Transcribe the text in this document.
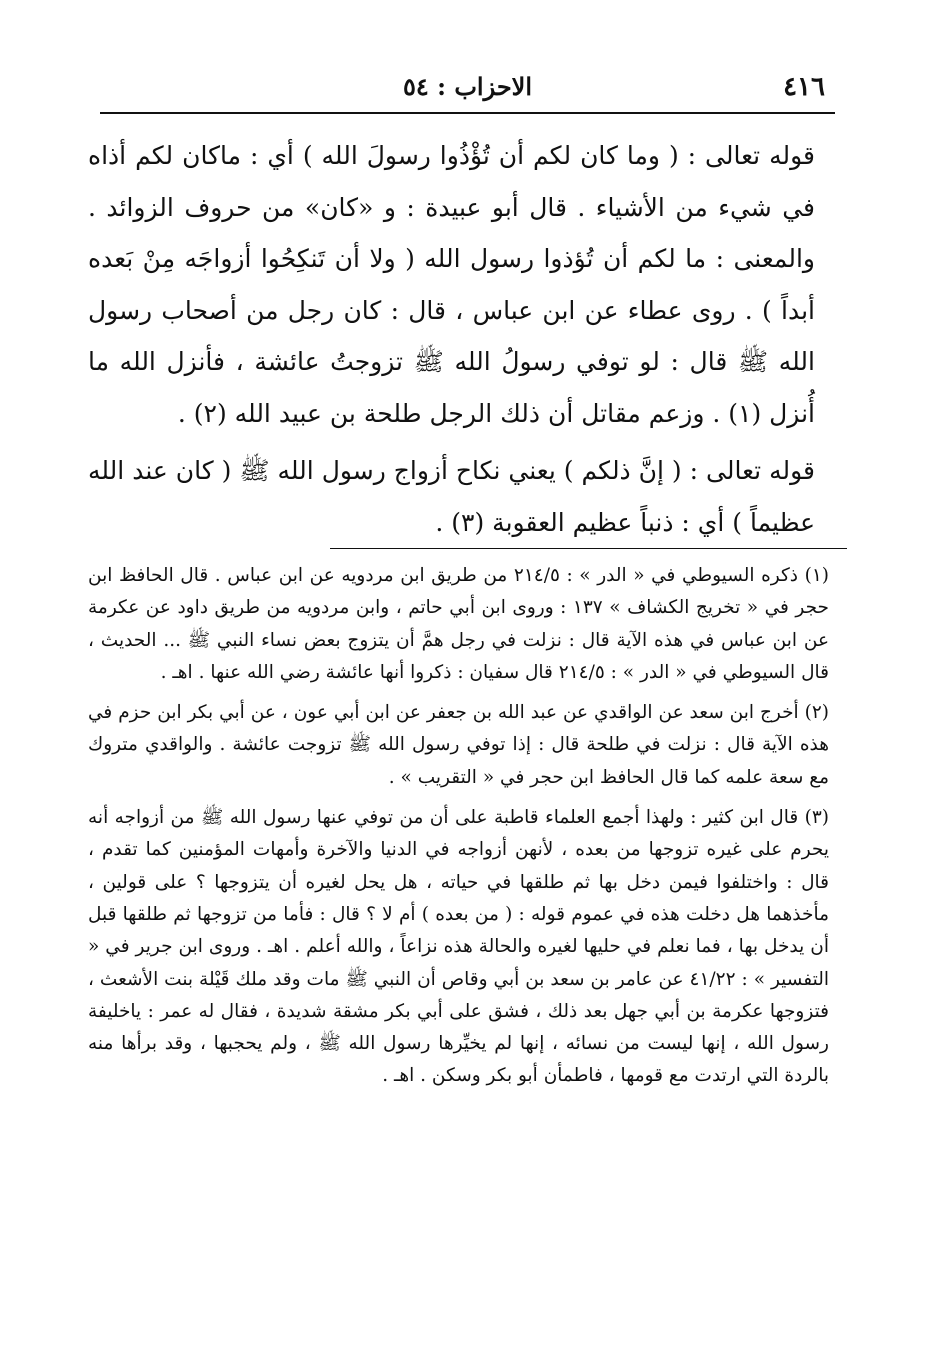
٤١٦
الاحزاب : ٥٤

قوله تعالى : ( وما كان لكم أن تُؤْذُوا رسولَ الله ) أي : ماكان لكم أذاه في شيء من الأشياء . قال أبو عبيدة : و «كان» من حروف الزوائد . والمعنى : ما لكم أن تُؤذوا رسول الله ( ولا أن تَنكِحُوا أزواجَه مِنْ بَعده أبداً ) . روى عطاء عن ابن عباس ، قال : كان رجل من أصحاب رسول الله ﷺ قال : لو توفي رسولُ الله ﷺ تزوجتُ عائشة ، فأنزل الله ما أُنزل (١) . وزعم مقاتل أن ذلك الرجل طلحة بن عبيد الله (٢) .

قوله تعالى : ( إنَّ ذلكم ) يعني نكاح أزواج رسول الله ﷺ ( كان عند الله عظيماً ) أي : ذنباً عظيم العقوبة (٣) .

(١) ذكره السيوطي في « الدر » : ٢١٤/٥ من طريق ابن مردويه عن ابن عباس . قال الحافظ ابن حجر في « تخريج الكشاف » ١٣٧ : وروى ابن أبي حاتم ، وابن مردويه من طريق داود عن عكرمة عن ابن عباس في هذه الآية قال : نزلت في رجل همَّ أن يتزوج بعض نساء النبي ﷺ ... الحديث ، قال السيوطي في « الدر » : ٢١٤/٥ قال سفيان : ذكروا أنها عائشة رضي الله عنها . اهـ .

(٢) أخرج ابن سعد عن الواقدي عن عبد الله بن جعفر عن ابن أبي عون ، عن أبي بكر ابن حزم في هذه الآية قال : نزلت في طلحة قال : إذا توفي رسول الله ﷺ تزوجت عائشة . والواقدي متروك مع سعة علمه كما قال الحافظ ابن حجر في « التقريب » .

(٣) قال ابن كثير : ولهذا أجمع العلماء قاطبة على أن من توفي عنها رسول الله ﷺ من أزواجه أنه يحرم على غيره تزوجها من بعده ، لأنهن أزواجه في الدنيا والآخرة وأمهات المؤمنين كما تقدم ، قال : واختلفوا فيمن دخل بها ثم طلقها في حياته ، هل يحل لغيره أن يتزوجها ؟ على قولين ، مأخذهما هل دخلت هذه في عموم قوله : ( من بعده ) أم لا ؟ قال : فأما من تزوجها ثم طلقها قبل أن يدخل بها ، فما نعلم في حليها لغيره والحالة هذه نزاعاً ، والله أعلم . اهـ . وروى ابن جرير في « التفسير » : ٤١/٢٢ عن عامر بن سعد بن أبي وقاص أن النبي ﷺ مات وقد ملك قَيْلة بنت الأشعث ، فتزوجها عكرمة بن أبي جهل بعد ذلك ، فشق على أبي بكر مشقة شديدة ، فقال له عمر : ياخليفة رسول الله ، إنها ليست من نسائه ، إنها لم يخيِّرها رسول الله ﷺ ، ولم يحجبها ، وقد برأها منه بالردة التي ارتدت مع قومها ، فاطمأن أبو بكر وسكن . اهـ .
